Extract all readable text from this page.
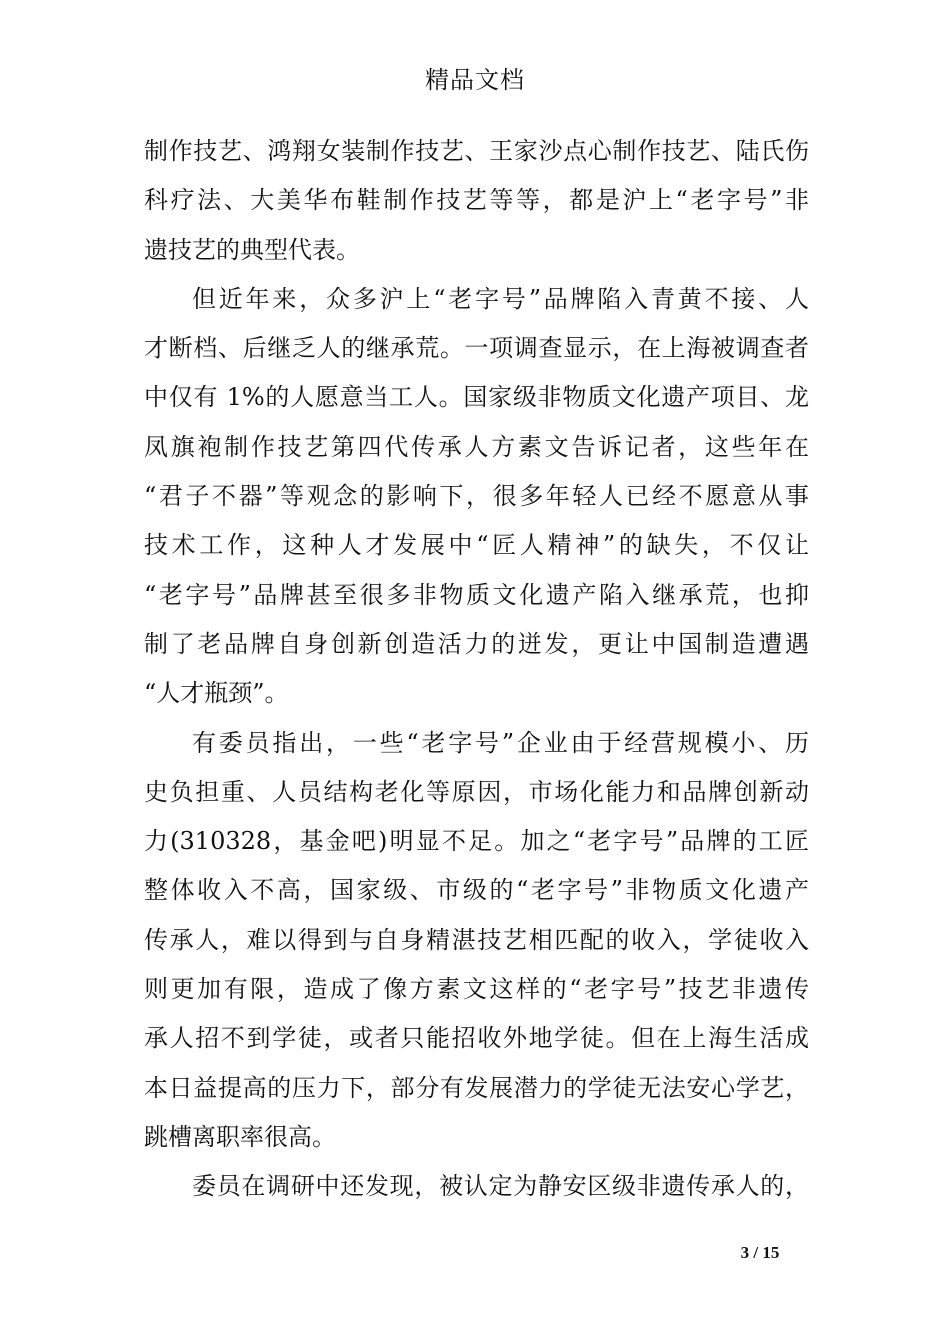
精品文档
制作技艺、鸿翔女装制作技艺、王家沙点心制作技艺、陆氏伤
科疗法、大美华布鞋制作技艺等等，都是沪上“老字号”非
遗技艺的典型代表。
但近年来，众多沪上“老字号”品牌陷入青黄不接、人
才断档、后继乏人的继承荒。一项调查显示，在上海被调查者
中仅有 1%的人愿意当工人。国家级非物质文化遗产项目、龙
凤旗袍制作技艺第四代传承人方素文告诉记者，这些年在
“君子不器”等观念的影响下，很多年轻人已经不愿意从事
技术工作，这种人才发展中“匠人精神”的缺失，不仅让
“老字号”品牌甚至很多非物质文化遗产陷入继承荒，也抑
制了老品牌自身创新创造活力的迸发，更让中国制造遭遇
“人才瓶颈”。
有委员指出，一些“老字号”企业由于经营规模小、历
史负担重、人员结构老化等原因，市场化能力和品牌创新动
力(310328，基金吧)明显不足。加之“老字号”品牌的工匠
整体收入不高，国家级、市级的“老字号”非物质文化遗产
传承人，难以得到与自身精湛技艺相匹配的收入，学徒收入
则更加有限，造成了像方素文这样的“老字号”技艺非遗传
承人招不到学徒，或者只能招收外地学徒。但在上海生活成
本日益提高的压力下，部分有发展潜力的学徒无法安心学艺，
跳槽离职率很高。
委员在调研中还发现，被认定为静安区级非遗传承人的，
3 / 15
